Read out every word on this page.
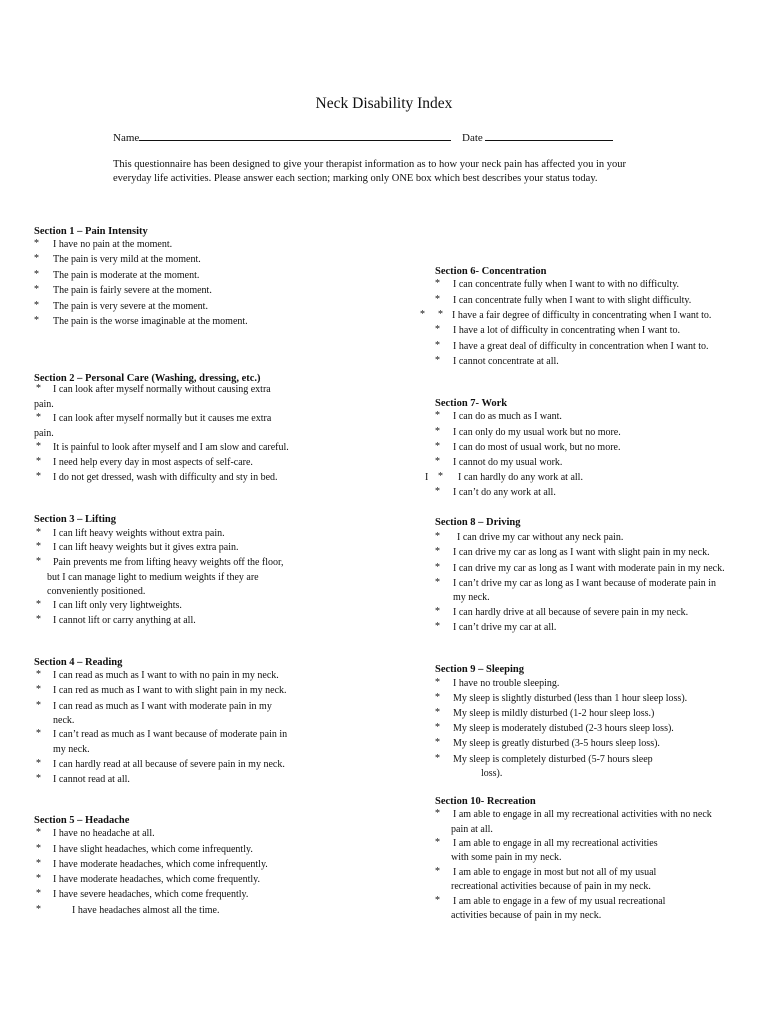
Neck Disability Index
Name	Date
This questionnaire has been designed to give your therapist information as to how your neck pain has affected you in your everyday life activities. Please answer each section; marking only ONE box which best describes your status today.
Section 1 – Pain Intensity
* I have no pain at the moment.
* The pain is very mild at the moment.
* The pain is moderate at the moment.
* The pain is fairly severe at the moment.
* The pain is very severe at the moment.
* The pain is the worse imaginable at the moment.
Section 2 – Personal Care (Washing, dressing, etc.)
* I can look after myself normally without causing extra
pain.
* I can look after myself normally but it causes me extra
pain.
* It is painful to look after myself and I am slow and careful.
* I need help every day in most aspects of self-care.
* I do not get dressed, wash with difficulty and sty in bed.
Section 3 – Lifting
* I can lift heavy weights without extra pain.
* I can lift heavy weights but it gives extra pain.
* Pain prevents me from lifting heavy weights off the floor,
but I can manage light to medium weights if they are
conveniently positioned.
* I can lift only very lightweights.
* I cannot lift or carry anything at all.
Section 4 – Reading
* I can read as much as I want to with no pain in my neck.
* I can red as much as I want to with slight pain in my neck.
* I can read as much as I want with moderate pain in my
neck.
* I can’t read as much as I want because of moderate pain in
my neck.
* I can hardly read at all because of severe pain in my neck.
* I cannot read at all.
Section 5 – Headache
* I have no headache at all.
* I have slight headaches, which come infrequently.
* I have moderate headaches, which come infrequently.
* I have moderate headaches, which come frequently.
* I have severe headaches, which come frequently.
*	I have headaches almost all the time.
Section 6- Concentration
* I can concentrate fully when I want to with no difficulty.
* I can concentrate fully when I want to with slight difficulty.
* * I have a fair degree of difficulty in concentrating when I want to.
* I have a lot of difficulty in concentrating when I want to.
* I have a great deal of difficulty in concentration when I want to.
* I cannot concentrate at all.
Section 7- Work
* I can do as much as I want.
* I can only do my usual work but no more.
* I can do most of usual work, but no more.
* I cannot do my usual work.
*
I	I can hardly do any work at all.
* I can’t do any work at all.
Section 8 – Driving
* I can drive my car without any neck pain.
* I can drive my car as long as I want with slight pain in my neck.
* I can drive my car as long as I want with moderate pain in my neck.
* I can’t drive my car as long as I want because of moderate pain in
my neck.
* I can hardly drive at all because of severe pain in my neck.
* I can’t drive my car at all.
Section 9 – Sleeping
* I have no trouble sleeping.
* My sleep is slightly disturbed (less than 1 hour sleep loss).
* My sleep is mildly disturbed (1-2 hour sleep loss.)
* My sleep is moderately distubed (2-3 hours sleep loss).
* My sleep is greatly disturbed (3-5 hours sleep loss).
* My sleep is completely disturbed (5-7 hours sleep
loss).
Section 10- Recreation
* I am able to engage in all my recreational activities with no neck
pain at all.
* I am able to engage in all my recreational activities
with some pain in my neck.
* I am able to engage in most but not all of my usual
recreational activities because of pain in my neck.
* I am able to engage in a few of my usual recreational
activities because of pain in my neck.
